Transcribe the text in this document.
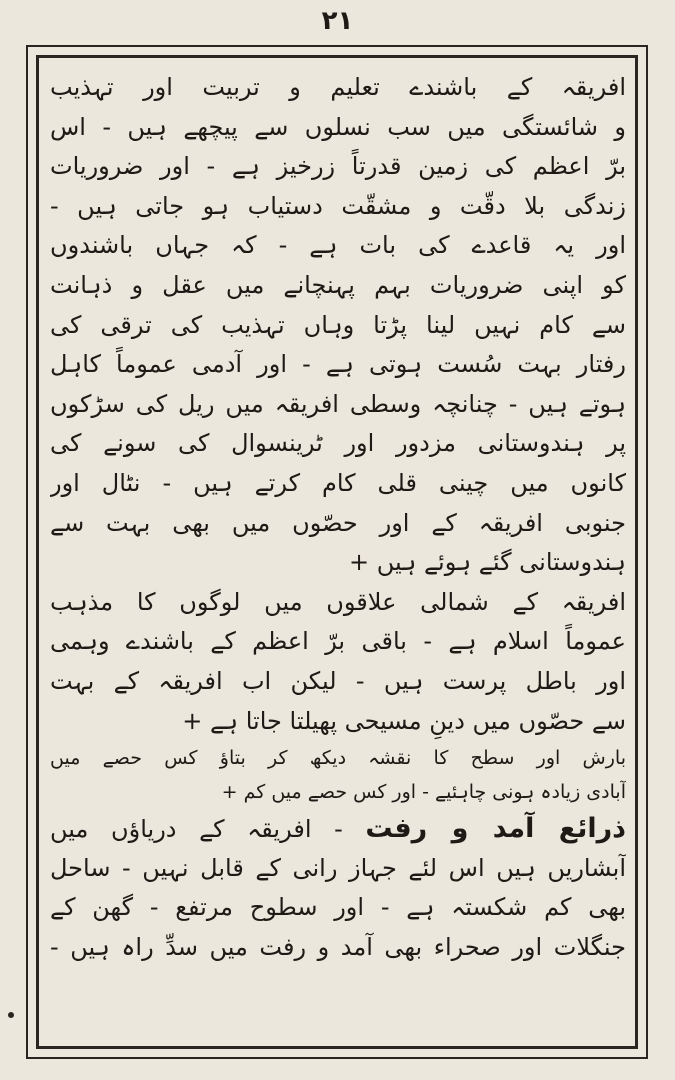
۲۱
افریقہ کے باشندے تعلیم و تربیت اور تہذیب
و شائستگی میں سب نسلوں سے پیچھے ہیں - اس
برّ اعظم کی زمین قدرتاً زرخیز ہے - اور ضروریات
زندگی بلا دقّت و مشقّت دستیاب ہو جاتی ہیں -
اور یہ قاعدے کی بات ہے - کہ جہاں باشندوں
کو اپنی ضروریات بہم پہنچانے میں عقل و ذہانت
سے کام نہیں لینا پڑتا وہاں تہذیب کی ترقی کی
رفتار بہت سُست ہوتی ہے - اور آدمی عموماً کاہل
ہوتے ہیں - چنانچہ وسطی افریقہ میں ریل کی سڑکوں
پر ہندوستانی مزدور اور ٹرینسوال کی سونے کی
کانوں میں چینی قلی کام کرتے ہیں - نٹال اور
جنوبی افریقہ کے اور حصّوں میں بھی بہت سے
ہندوستانی گئے ہوئے ہیں +
افریقہ کے شمالی علاقوں میں لوگوں کا مذہب
عموماً اسلام ہے - باقی برّ اعظم کے باشندے وہمی
اور باطل پرست ہیں - لیکن اب افریقہ کے بہت
سے حصّوں میں دینِ مسیحی پھیلتا جاتا ہے +
بارش اور سطح کا نقشہ دیکھ کر بتاؤ کس حصے میں
آبادی زیادہ ہونی چاہئیے - اور کس حصے میں کم +
ذرائع آمد و رفت - افریقہ کے دریاؤں میں
آبشاریں ہیں اس لئے جہاز رانی کے قابل نہیں - ساحل
بھی کم شکستہ ہے - اور سطوح مرتفع - گھن کے
جنگلات اور صحراء بھی آمد و رفت میں سدِّ راہ ہیں -
